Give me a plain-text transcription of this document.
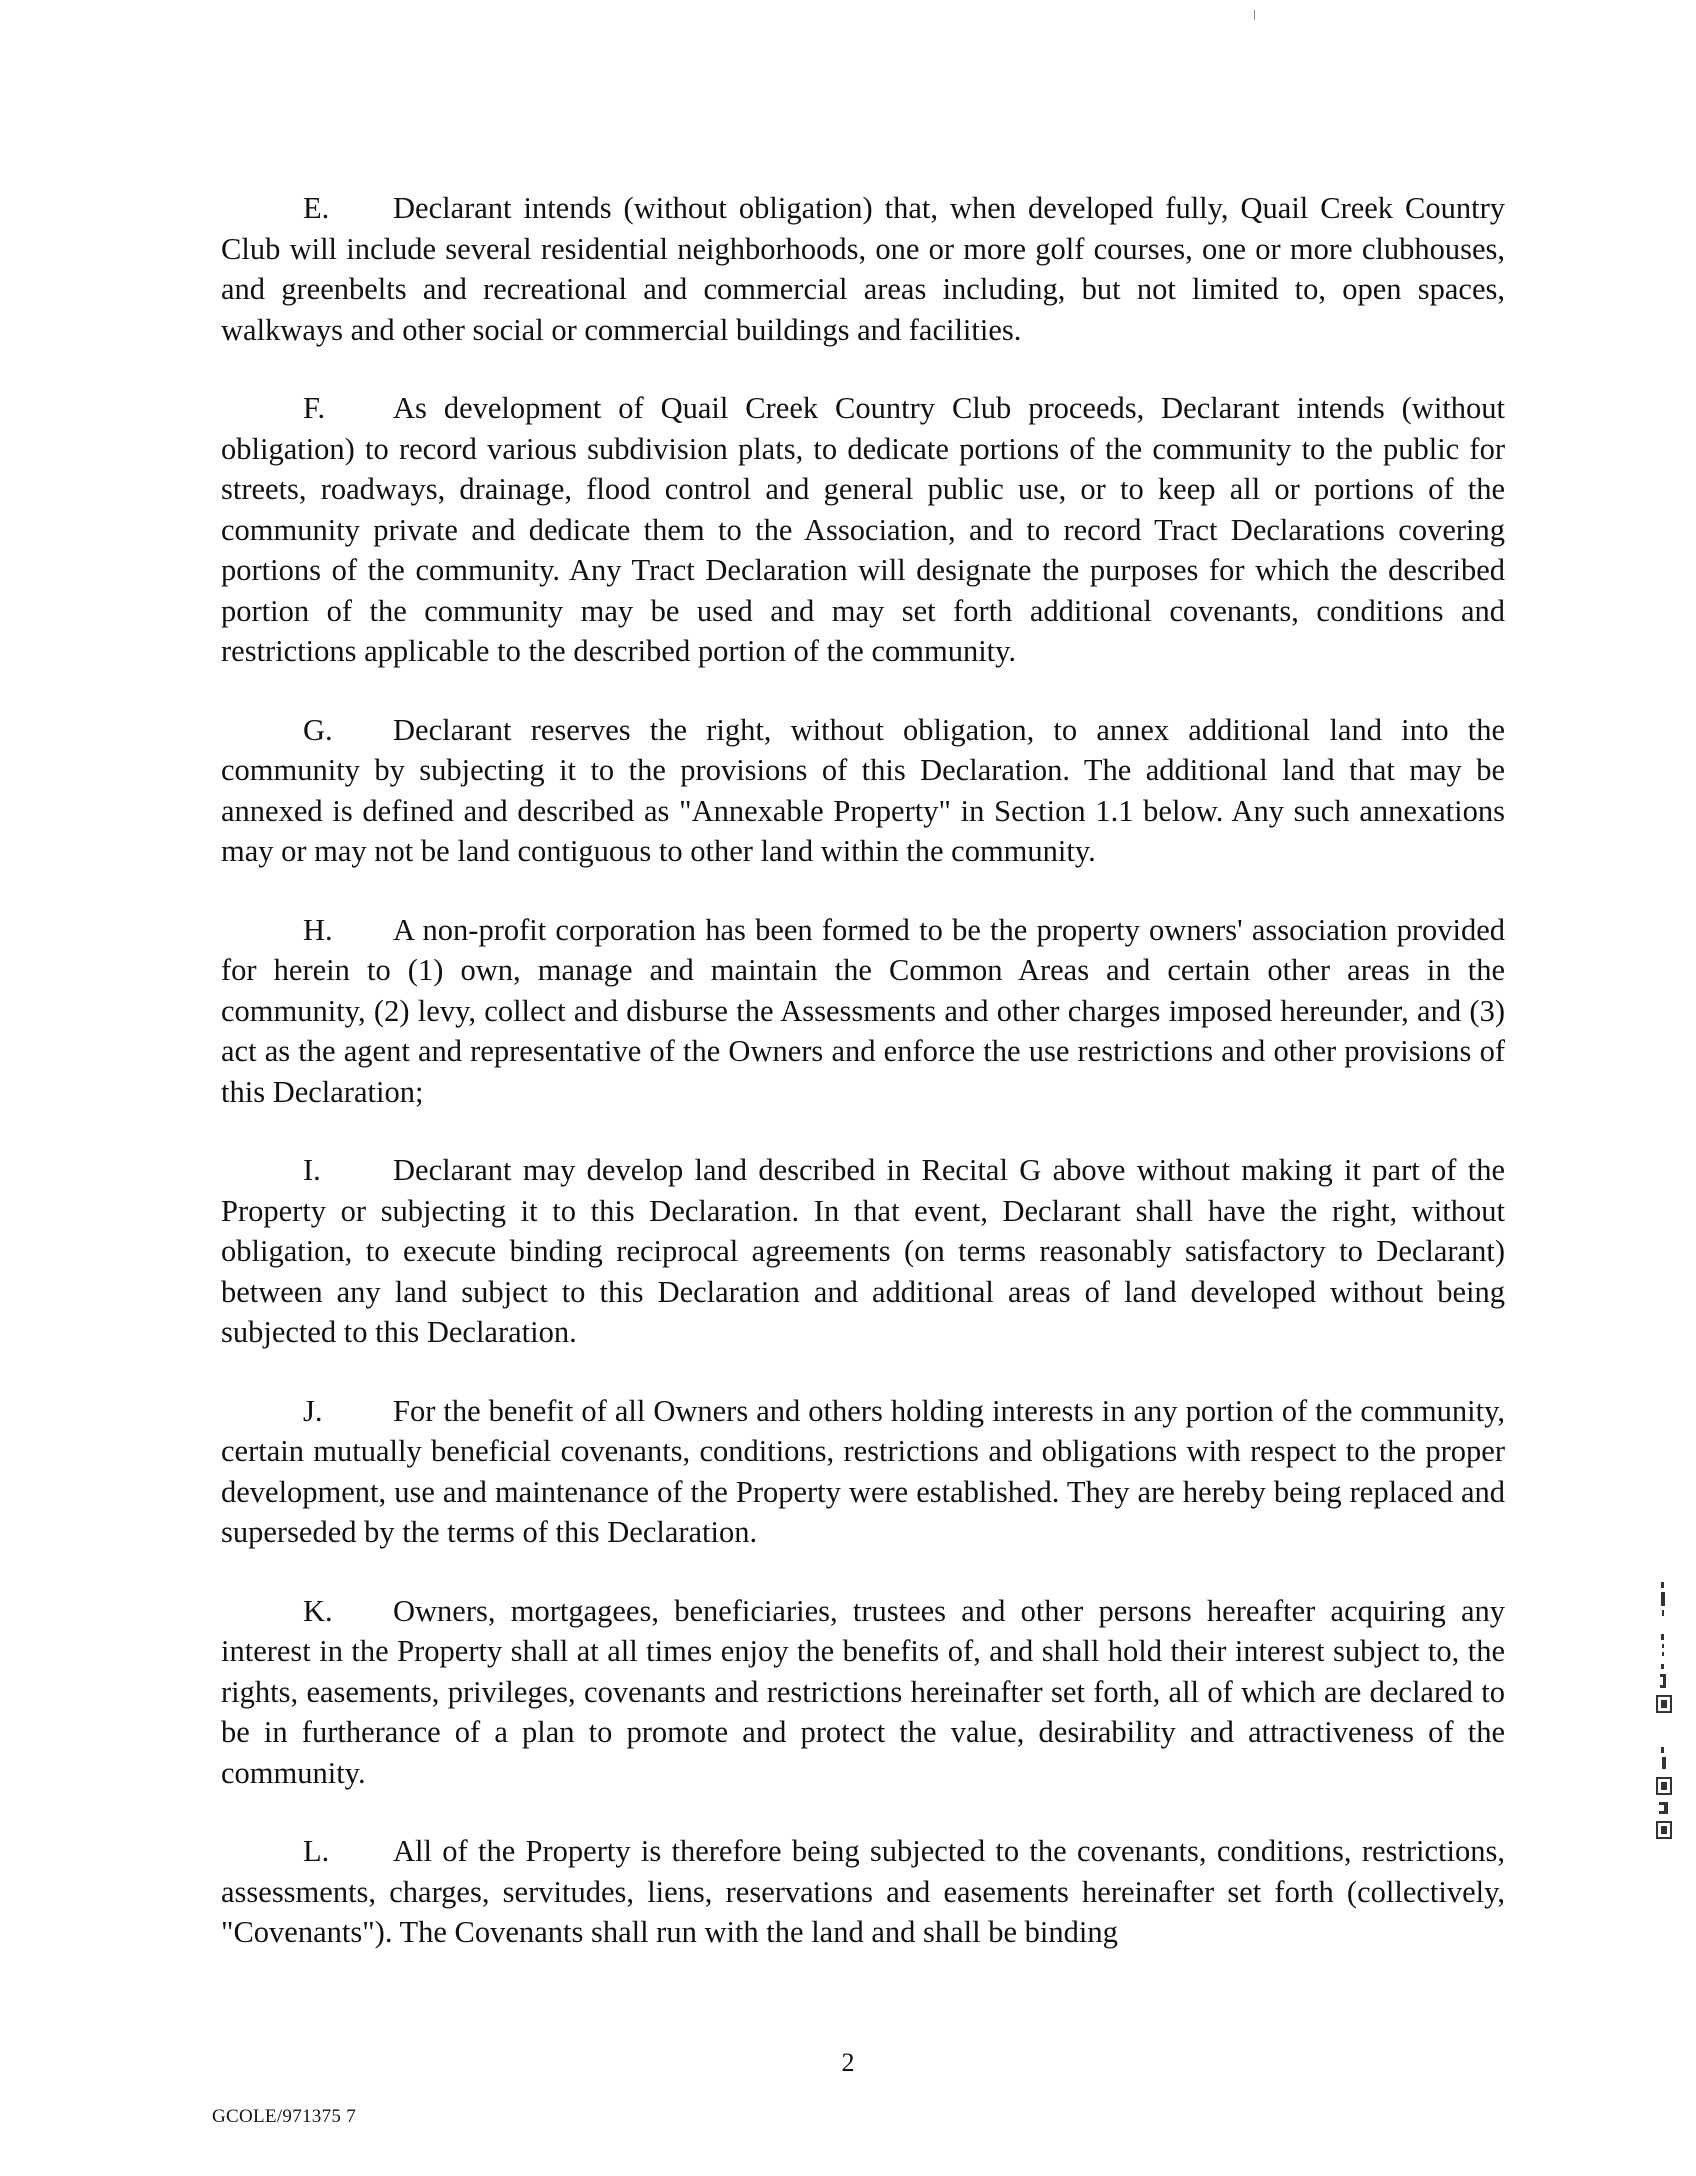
E. Declarant intends (without obligation) that, when developed fully, Quail Creek Country Club will include several residential neighborhoods, one or more golf courses, one or more clubhouses, and greenbelts and recreational and commercial areas including, but not limited to, open spaces, walkways and other social or commercial buildings and facilities.

F. As development of Quail Creek Country Club proceeds, Declarant intends (without obligation) to record various subdivision plats, to dedicate portions of the community to the public for streets, roadways, drainage, flood control and general public use, or to keep all or portions of the community private and dedicate them to the Association, and to record Tract Declarations covering portions of the community. Any Tract Declaration will designate the purposes for which the described portion of the community may be used and may set forth additional covenants, conditions and restrictions applicable to the described portion of the community.

G. Declarant reserves the right, without obligation, to annex additional land into the community by subjecting it to the provisions of this Declaration. The additional land that may be annexed is defined and described as "Annexable Property" in Section 1.1 below. Any such annexations may or may not be land contiguous to other land within the community.

H. A non-profit corporation has been formed to be the property owners' association provided for herein to (1) own, manage and maintain the Common Areas and certain other areas in the community, (2) levy, collect and disburse the Assessments and other charges imposed hereunder, and (3) act as the agent and representative of the Owners and enforce the use restrictions and other provisions of this Declaration;

I. Declarant may develop land described in Recital G above without making it part of the Property or subjecting it to this Declaration. In that event, Declarant shall have the right, without obligation, to execute binding reciprocal agreements (on terms reasonably satisfactory to Declarant) between any land subject to this Declaration and additional areas of land developed without being subjected to this Declaration.

J. For the benefit of all Owners and others holding interests in any portion of the community, certain mutually beneficial covenants, conditions, restrictions and obligations with respect to the proper development, use and maintenance of the Property were established. They are hereby being replaced and superseded by the terms of this Declaration.

K. Owners, mortgagees, beneficiaries, trustees and other persons hereafter acquiring any interest in the Property shall at all times enjoy the benefits of, and shall hold their interest subject to, the rights, easements, privileges, covenants and restrictions hereinafter set forth, all of which are declared to be in furtherance of a plan to promote and protect the value, desirability and attractiveness of the community.

L. All of the Property is therefore being subjected to the covenants, conditions, restrictions, assessments, charges, servitudes, liens, reservations and easements hereinafter set forth (collectively, "Covenants"). The Covenants shall run with the land and shall be binding

2
GCOLE/971375 7
